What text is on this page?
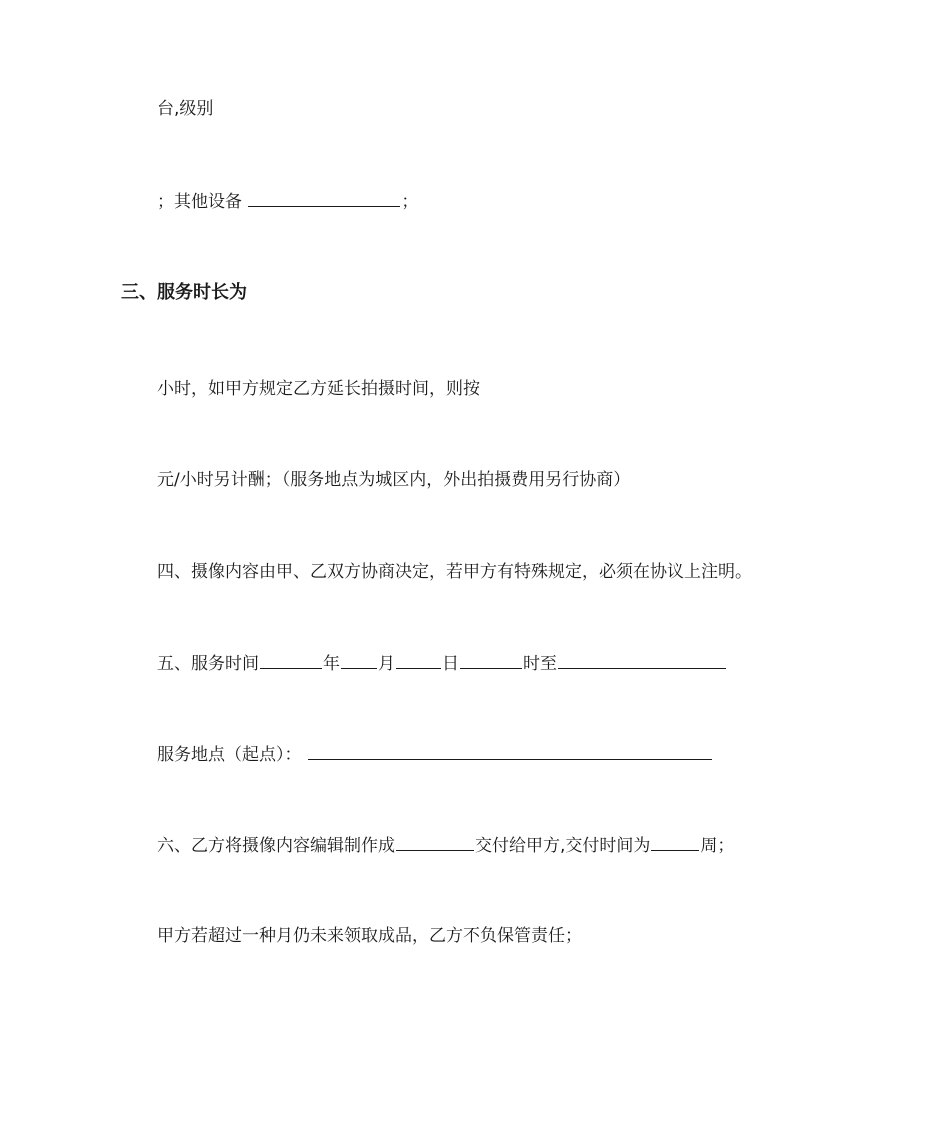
台,级别
；其他设备	；
三、服务时长为
小时，如甲方规定乙方延长拍摄时间，则按
元/小时另计酬；（服务地点为城区内，外出拍摄费用另行协商）
四、摄像内容由甲、乙双方协商决定，若甲方有特殊规定，必须在协议上注明。
五、服务时间	年 月	日	时至
服务地点（起点）：
六、乙方将摄像内容编辑制作成	交付给甲方,交付时间为	周；
甲方若超过一种月仍未来领取成品，乙方不负保管责任；
